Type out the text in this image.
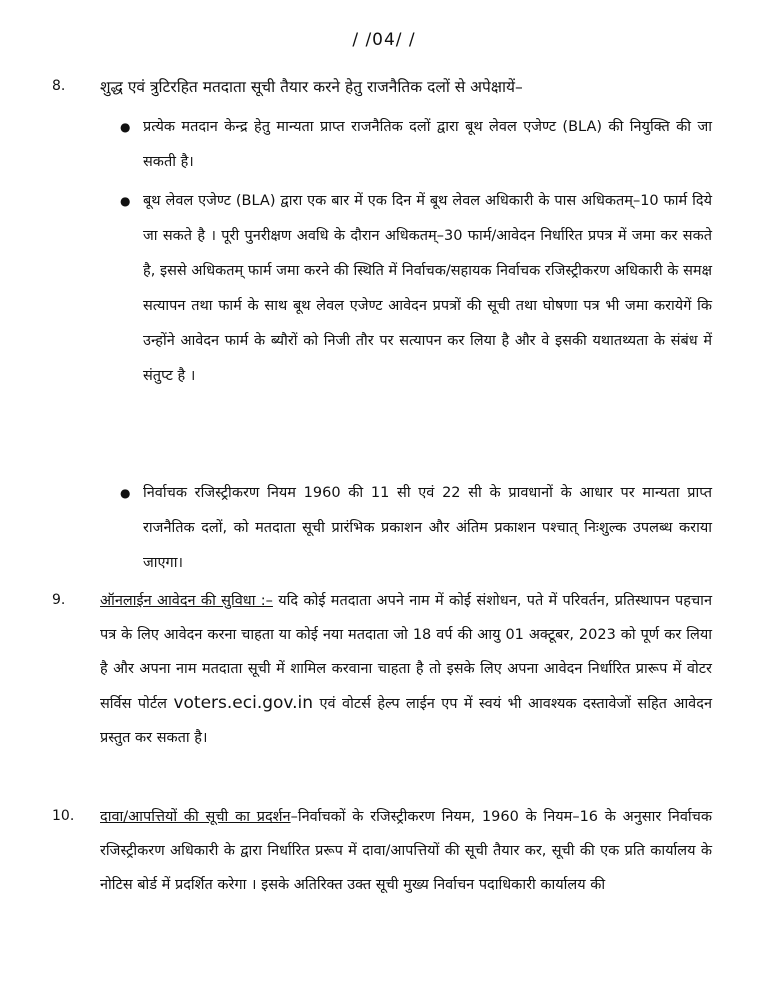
/ /04/ /
8. शुद्ध एवं त्रुटिरहित मतदाता सूची तैयार करने हेतु राजनैतिक दलों से अपेक्षायें–
● प्रत्येक मतदान केन्द्र हेतु मान्यता प्राप्त राजनैतिक दलों द्वारा बूथ लेवल एजेण्ट (BLA) की नियुक्ति की जा सकती है।
● बूथ लेवल एजेण्ट (BLA) द्वारा एक बार में एक दिन में बूथ लेवल अधिकारी के पास अधिकतम्–10 फार्म दिये जा सकते है । पूरी पुनरीक्षण अवधि के दौरान अधिकतम्–30 फार्म/आवेदन निर्धारित प्रपत्र में जमा कर सकते है, इससे अधिकतम् फार्म जमा करने की स्थिति में निर्वाचक/सहायक निर्वाचक रजिस्ट्रीकरण अधिकारी के समक्ष सत्यापन तथा फार्म के साथ बूथ लेवल एजेण्ट आवेदन प्रपत्रों की सूची तथा घोषणा पत्र भी जमा करायेगें कि उन्होंने आवेदन फार्म के ब्यौरों को निजी तौर पर सत्यापन कर लिया है और वे इसकी यथातथ्यता के संबंध में संतुप्ट है ।
● निर्वाचक रजिस्ट्रीकरण नियम 1960 की 11 सी एवं 22 सी के प्रावधानों के आधार पर मान्यता प्राप्त राजनैतिक दलों, को मतदाता सूची प्रारंभिक प्रकाशन और अंतिम प्रकाशन पश्चात् निःशुल्क उपलब्ध कराया जाएगा।
9. ऑनलाईन आवेदन की सुविधा :– यदि कोई मतदाता अपने नाम में कोई संशोधन, पते में परिवर्तन, प्रतिस्थापन पहचान पत्र के लिए आवेदन करना चाहता या कोई नया मतदाता जो 18 वर्प की आयु 01 अक्टूबर, 2023 को पूर्ण कर लिया है और अपना नाम मतदाता सूची में शामिल करवाना चाहता है तो इसके लिए अपना आवेदन निर्धारित प्रारूप में वोटर सर्विस पोर्टल voters.eci.gov.in एवं वोटर्स हेल्प लाईन एप में स्वयं भी आवश्यक दस्तावेजों सहित आवेदन प्रस्तुत कर सकता है।
10. दावा/आपत्तियों की सूची का प्रदर्शन–निर्वाचकों के रजिस्ट्रीकरण नियम, 1960 के नियम–16 के अनुसार निर्वाचक रजिस्ट्रीकरण अधिकारी के द्वारा निर्धारित प्ररूप में दावा/आपत्तियों की सूची तैयार कर, सूची की एक प्रति कार्यालय के नोटिस बोर्ड में प्रदर्शित करेगा । इसके अतिरिक्त उक्त सूची मुख्य निर्वाचन पदाधिकारी कार्यालय की
